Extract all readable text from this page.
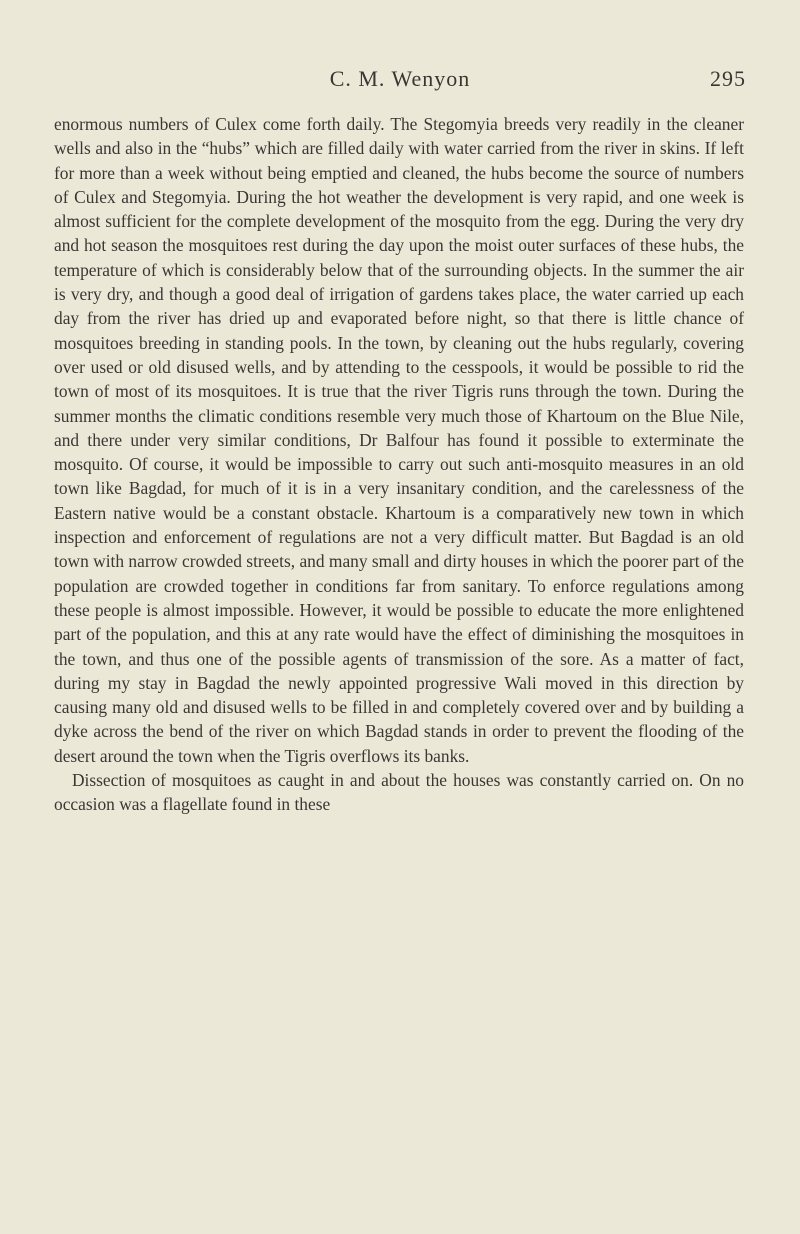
C. M. Wenyon	295

enormous numbers of Culex come forth daily. The Stegomyia breeds very readily in the cleaner wells and also in the “hubs” which are filled daily with water carried from the river in skins. If left for more than a week without being emptied and cleaned, the hubs become the source of numbers of Culex and Stegomyia. During the hot weather the development is very rapid, and one week is almost sufficient for the complete development of the mosquito from the egg. During the very dry and hot season the mosquitoes rest during the day upon the moist outer surfaces of these hubs, the temperature of which is considerably below that of the surrounding objects. In the summer the air is very dry, and though a good deal of irrigation of gardens takes place, the water carried up each day from the river has dried up and evaporated before night, so that there is little chance of mosquitoes breeding in standing pools. In the town, by cleaning out the hubs regularly, covering over used or old disused wells, and by attending to the cesspools, it would be possible to rid the town of most of its mosquitoes. It is true that the river Tigris runs through the town. During the summer months the climatic conditions resemble very much those of Khartoum on the Blue Nile, and there under very similar conditions, Dr Balfour has found it possible to exterminate the mosquito. Of course, it would be impossible to carry out such anti-mosquito measures in an old town like Bagdad, for much of it is in a very insanitary condition, and the carelessness of the Eastern native would be a constant obstacle. Khartoum is a comparatively new town in which inspection and enforcement of regulations are not a very difficult matter. But Bagdad is an old town with narrow crowded streets, and many small and dirty houses in which the poorer part of the population are crowded together in conditions far from sanitary. To enforce regulations among these people is almost impossible. However, it would be possible to educate the more enlightened part of the population, and this at any rate would have the effect of diminishing the mosquitoes in the town, and thus one of the possible agents of transmission of the sore. As a matter of fact, during my stay in Bagdad the newly appointed progressive Wali moved in this direction by causing many old and disused wells to be filled in and completely covered over and by building a dyke across the bend of the river on which Bagdad stands in order to prevent the flooding of the desert around the town when the Tigris overflows its banks.

Dissection of mosquitoes as caught in and about the houses was constantly carried on. On no occasion was a flagellate found in these
